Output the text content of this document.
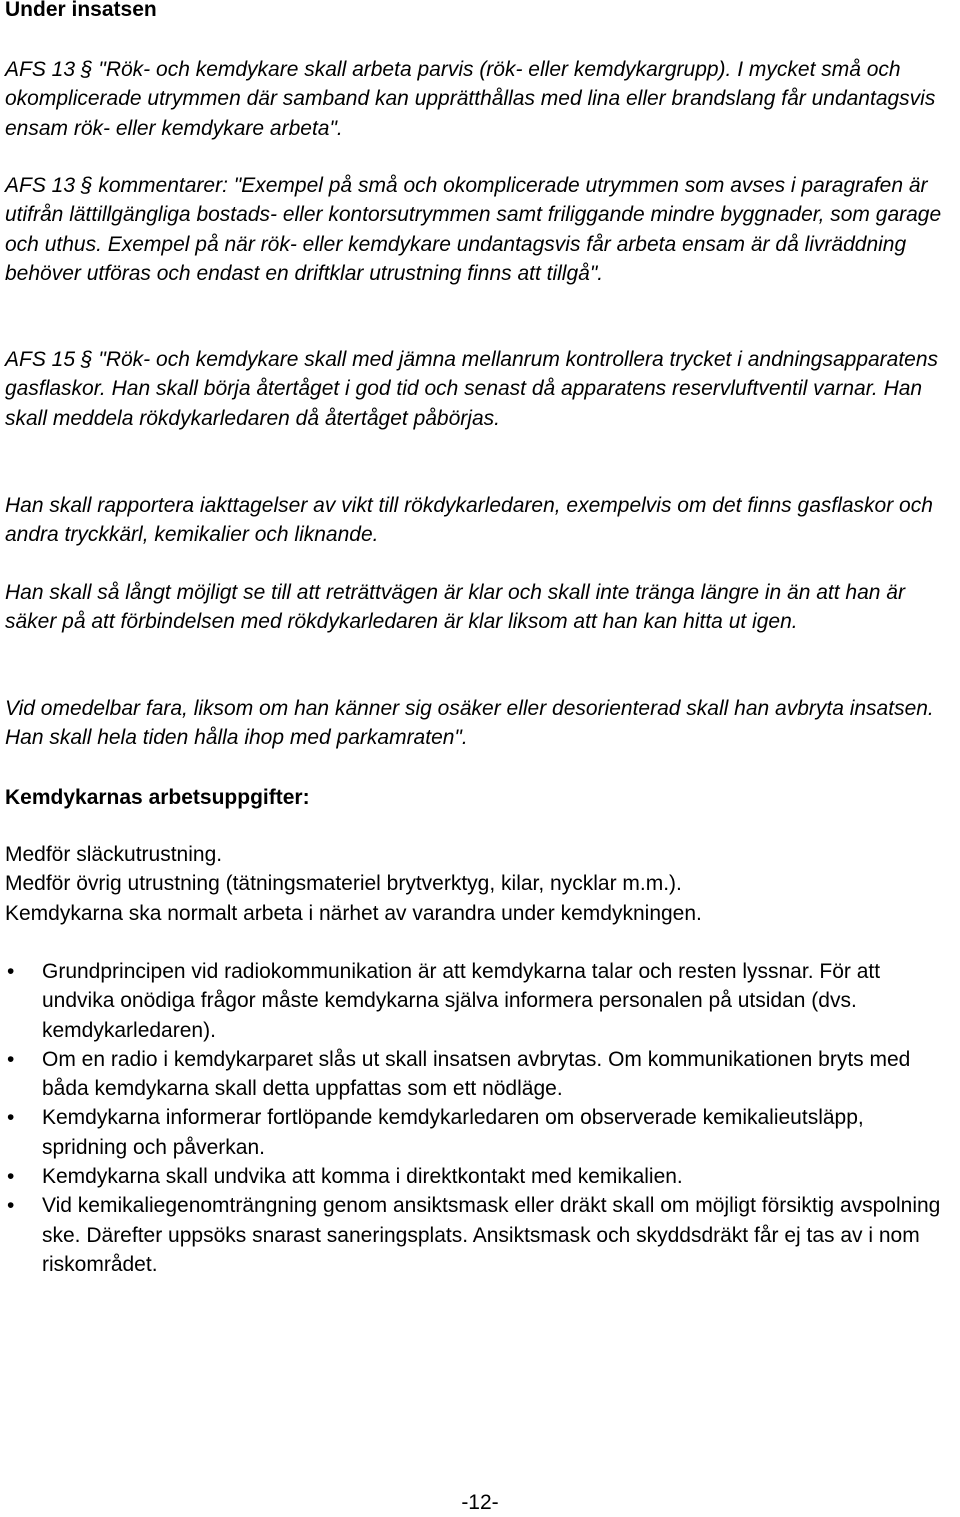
Under insatsen

AFS 13 § "Rök- och kemdykare skall arbeta parvis (rök- eller kemdykargrupp). I mycket små och okomplicerade utrymmen där samband kan upprätthållas med lina eller brandslang får undantagsvis ensam rök- eller kemdykare arbeta".

AFS 13 § kommentarer: "Exempel på små och okomplicerade utrymmen som avses i paragrafen är utifrån lättillgängliga bostads- eller kontorsutrymmen samt friliggande mindre byggnader, som garage och uthus. Exempel på när rök- eller kemdykare undantagsvis får arbeta ensam är då livräddning behöver utföras och endast en driftklar utrustning finns att tillgå".

AFS 15 § "Rök- och kemdykare skall med jämna mellanrum kontrollera trycket i andningsapparatens gasflaskor. Han skall börja återtåget i god tid och senast då apparatens reservluftventil varnar. Han skall meddela rökdykarledaren då återtåget påbörjas.

Han skall rapportera iakttagelser av vikt till rökdykarledaren, exempelvis om det finns gasflaskor och andra tryckkärl, kemikalier och liknande.

Han skall så långt möjligt se till att reträttvägen är klar och skall inte tränga längre in än att han är säker på att förbindelsen med rökdykarledaren är klar liksom att han kan hitta ut igen.

Vid omedelbar fara, liksom om han känner sig osäker eller desorienterad skall han avbryta insatsen. Han skall hela tiden hålla ihop med parkamraten".

Kemdykarnas arbetsuppgifter:
Medför släckutrustning.
Medför övrig utrustning (tätningsmateriel brytverktyg, kilar, nycklar m.m.).
Kemdykarna ska normalt arbeta i närhet av varandra under kemdykningen.
• Grundprincipen vid radiokommunikation är att kemdykarna talar och resten lyssnar. För att undvika onödiga frågor måste kemdykarna själva informera personalen på utsidan (dvs. kemdykarledaren).
• Om en radio i kemdykarparet slås ut skall insatsen avbrytas. Om kommunikationen bryts med båda kemdykarna skall detta uppfattas som ett nödläge.
• Kemdykarna informerar fortlöpande kemdykarledaren om observerade kemikalieutsläpp, spridning och påverkan.
• Kemdykarna skall undvika att komma i direktkontakt med kemikalien.
• Vid kemikaliegenomträngning genom ansiktsmask eller dräkt skall om möjligt försiktig avspolning ske. Därefter uppsöks snarast saneringsplats. Ansiktsmask och skyddsdräkt får ej tas av i nom riskområdet.
-12-
